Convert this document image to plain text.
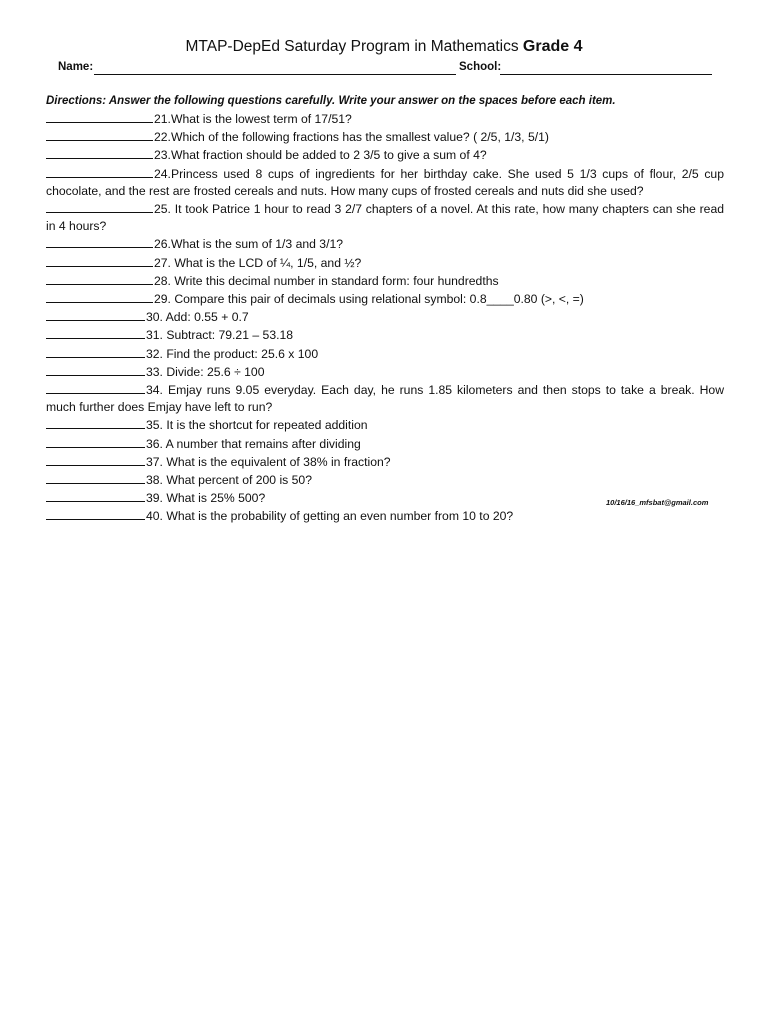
MTAP-DepEd Saturday Program in Mathematics Grade 4
Name:	School:
Directions: Answer the following questions carefully. Write your answer on the spaces before each item.
21.What is the lowest term of 17/51?
22.Which of the following fractions has the smallest value? ( 2/5, 1/3, 5/1)
23.What fraction should be added to 2 3/5 to give a sum of 4?
24.Princess used 8 cups of ingredients for her birthday cake. She used 5 1/3 cups of flour, 2/5 cup chocolate, and the rest are frosted cereals and nuts. How many cups of frosted cereals and nuts did she used?
25. It took Patrice 1 hour to read 3 2/7 chapters of a novel. At this rate, how many chapters can she read in 4 hours?
26.What is the sum of 1/3 and 3/1?
27. What is the LCD of ¼, 1/5, and ½?
28. Write this decimal number in standard form: four hundredths
29. Compare this pair of decimals using relational symbol: 0.8____0.80 (>, <, =)
30. Add: 0.55 + 0.7
31. Subtract: 79.21 – 53.18
32. Find the product: 25.6 x 100
33. Divide: 25.6 ÷ 100
34. Emjay runs 9.05 everyday. Each day, he runs 1.85 kilometers and then stops to take a break. How much further does Emjay have left to run?
35. It is the shortcut for repeated addition
36. A number that remains after dividing
37. What is the equivalent of 38% in fraction?
38. What percent of 200 is 50?
39. What is 25% 500?
40. What is the probability of getting an even number from 10 to 20?
10/16/16_mfsbat@gmail.com
